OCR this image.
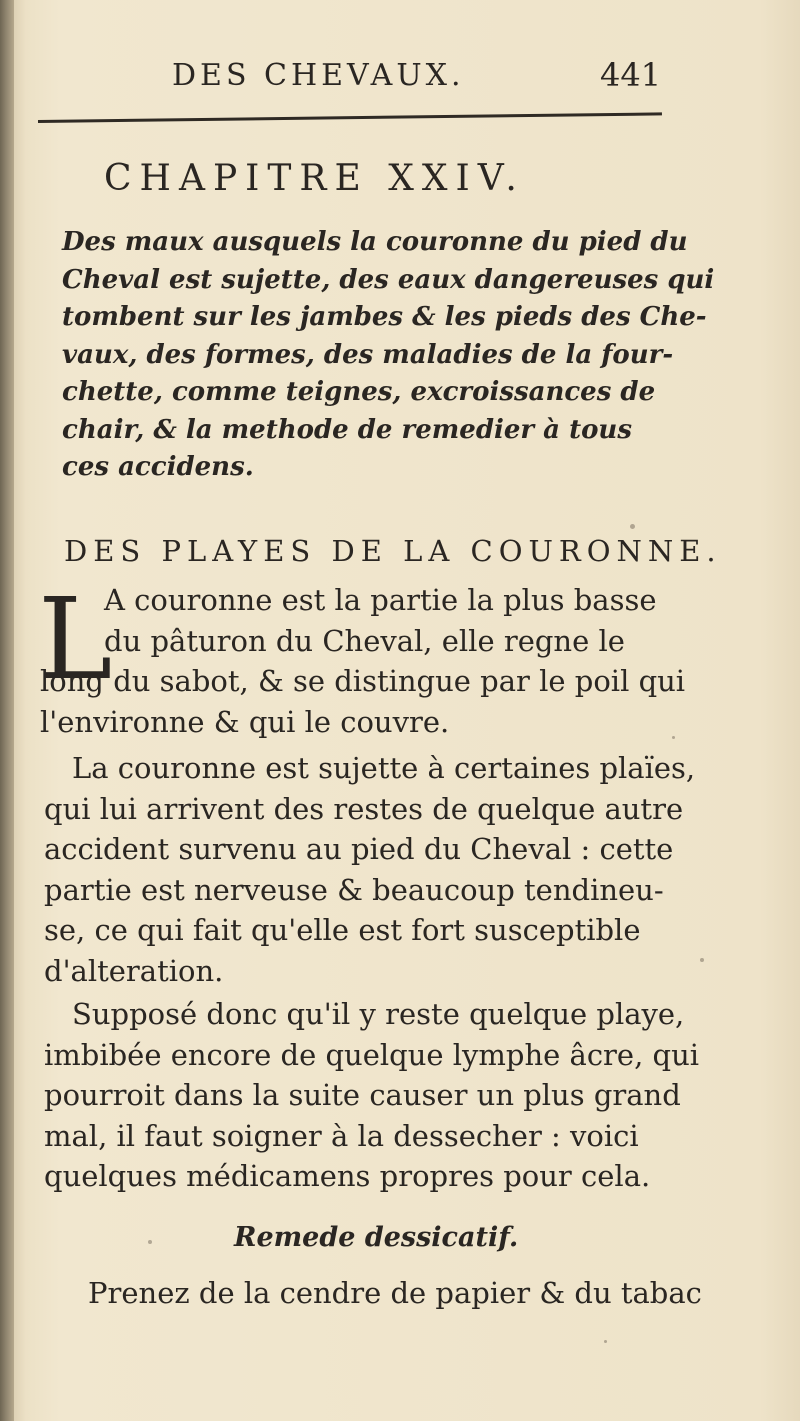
DES CHEVAUX.	441
CHAPITRE XXIV.
Des maux ausquels la couronne du pied du
Cheval est sujette, des eaux dangereuses qui
tombent sur les jambes & les pieds des Che-
vaux, des formes, des maladies de la four-
chette, comme teignes, excroissances de
chair, & la methode de remedier à tous
ces accidens.
DES PLAYES DE LA COURONNE.
L
A couronne est la partie la plus basse
du pâturon du Cheval, elle regne le
long du sabot, & se distingue par le poil qui
l'environne & qui le couvre.
La couronne est sujette à certaines plaïes,
qui lui arrivent des restes de quelque autre
accident survenu au pied du Cheval : cette
partie est nerveuse & beaucoup tendineu-
se, ce qui fait qu'elle est fort susceptible
d'alteration.
Supposé donc qu'il y reste quelque playe,
imbibée encore de quelque lymphe âcre, qui
pourroit dans la suite causer un plus grand
mal, il faut soigner à la dessecher : voici
quelques médicamens propres pour cela.
Remede dessicatif.
Prenez de la cendre de papier & du tabac
